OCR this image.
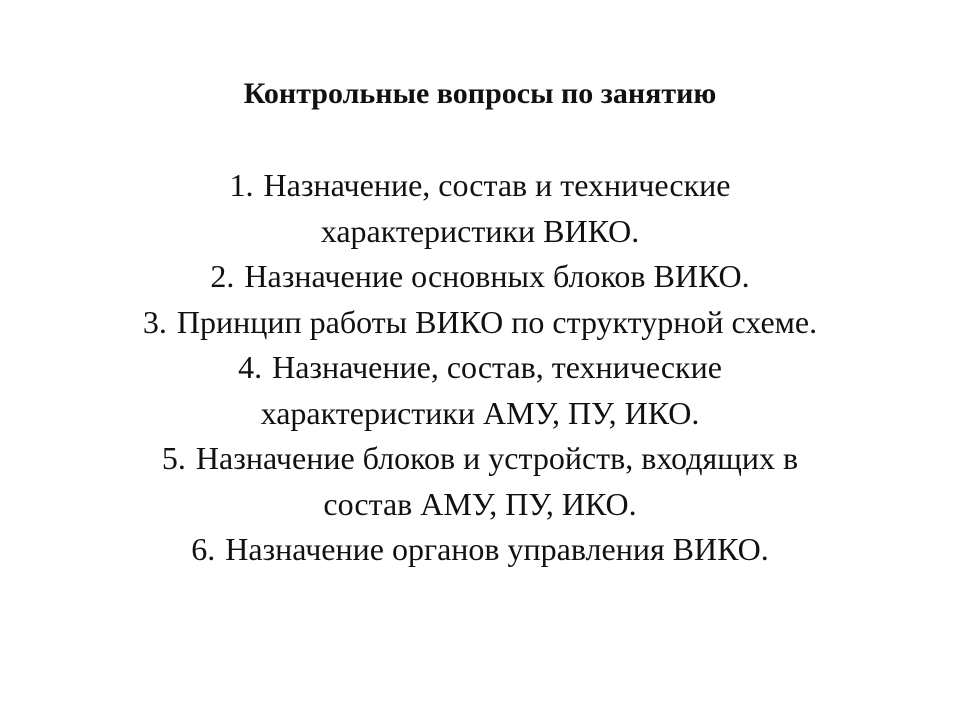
Контрольные вопросы по занятию
1. Назначение, состав и технические
характеристики ВИКО.
2. Назначение основных блоков ВИКО.
3. Принцип работы ВИКО по структурной схеме.
4. Назначение, состав, технические
характеристики АМУ, ПУ, ИКО.
5. Назначение блоков и устройств, входящих в
состав АМУ, ПУ, ИКО.
6. Назначение органов управления ВИКО.
